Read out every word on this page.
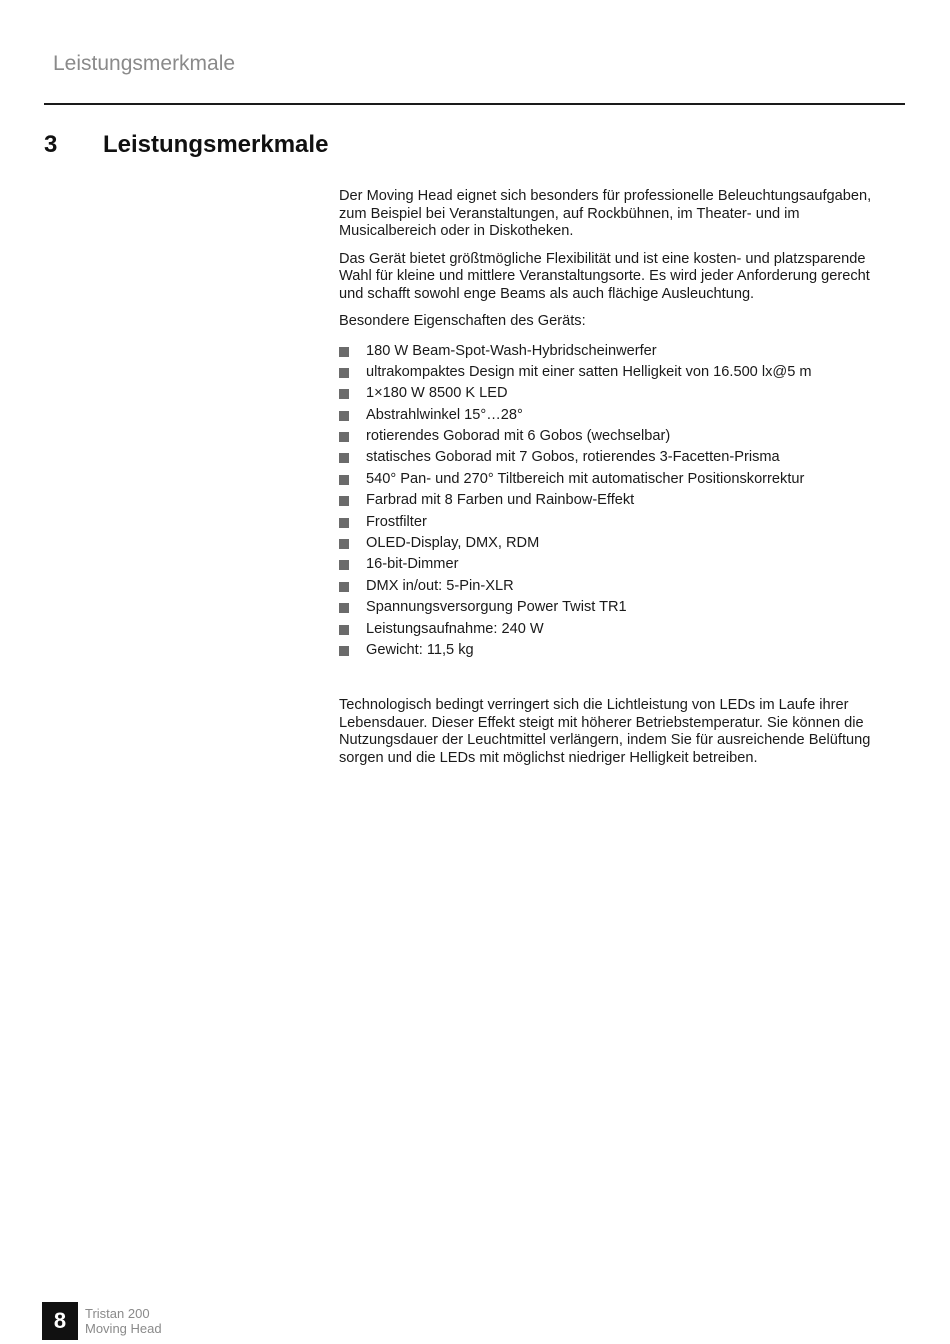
Leistungsmerkmale
3 Leistungsmerkmale

Der Moving Head eignet sich besonders für professionelle Beleuchtungsaufgaben, zum Beispiel bei Veranstaltungen, auf Rockbühnen, im Theater- und im Musicalbereich oder in Diskotheken.

Das Gerät bietet größtmögliche Flexibilität und ist eine kosten- und platzsparende Wahl für kleine und mittlere Veranstaltungsorte. Es wird jeder Anforderung gerecht und schafft sowohl enge Beams als auch flächige Ausleuchtung.

Besondere Eigenschaften des Geräts:

180 W Beam-Spot-Wash-Hybridscheinwerfer
ultrakompaktes Design mit einer satten Helligkeit von 16.500 lx@5 m
1×180 W 8500 K LED
Abstrahlwinkel 15°…28°
rotierendes Goborad mit 6 Gobos (wechselbar)
statisches Goborad mit 7 Gobos, rotierendes 3-Facetten-Prisma
540° Pan- und 270° Tiltbereich mit automatischer Positionskorrektur
Farbrad mit 8 Farben und Rainbow-Effekt
Frostfilter
OLED-Display, DMX, RDM
16-bit-Dimmer
DMX in/out: 5-Pin-XLR
Spannungsversorgung Power Twist TR1
Leistungsaufnahme: 240 W
Gewicht: 11,5 kg

Technologisch bedingt verringert sich die Lichtleistung von LEDs im Laufe ihrer Lebensdauer. Dieser Effekt steigt mit höherer Betriebstemperatur. Sie können die Nutzungsdauer der Leuchtmittel verlängern, indem Sie für ausreichende Belüftung sorgen und die LEDs mit möglichst niedriger Helligkeit betreiben.

8	Tristan 200
Moving Head
